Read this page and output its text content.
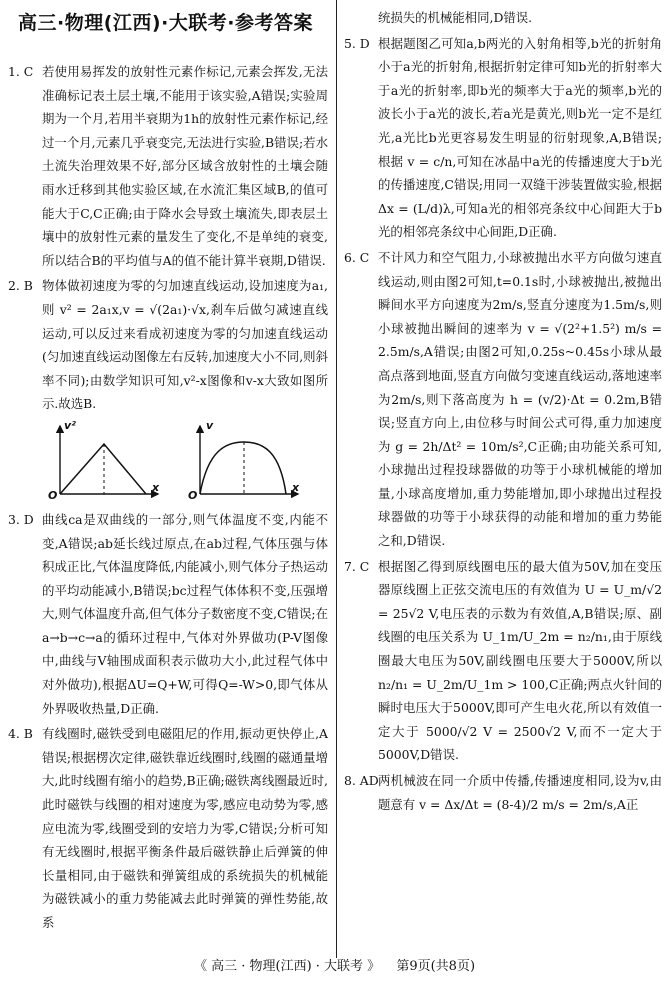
高三·物理(江西)·大联考·参考答案
1. C 若使用易挥发的放射性元素作标记,元素会挥发,无法准确标记表土层土壤,不能用于该实验,A错误;实验周期为一个月,若用半衰期为1h的放射性元素作标记,经过一个月,元素几乎衰变完,无法进行实验,B错误;若水土流失治理效果不好,部分区域含放射性的土壤会随雨水迁移到其他实验区域,在水流汇集区域B,的值可能大于C,C正确;由于降水会导致土壤流失,即表层土壤中的放射性元素的量发生了变化,不是单纯的衰变,所以结合B的平均值与A的值不能计算半衰期,D错误.
2. B 物体做初速度为零的匀加速直线运动,设加速度为a₁,则 v² = 2a₁x,v = √(2a₁)·√x,刹车后做匀减速直线运动,可以反过来看成初速度为零的匀加速直线运动(匀加速直线运动图像左右反转,加速度大小不同,则斜率不同);由数学知识可知,v²-x图像和v-x大致如图所示.故选B.
v²
x
O
v
x
O
3. D 曲线ca是双曲线的一部分,则气体温度不变,内能不变,A错误;ab延长线过原点,在ab过程,气体压强与体积成正比,气体温度降低,内能减小,则气体分子热运动的平均动能减小,B错误;bc过程气体体积不变,压强增大,则气体温度升高,但气体分子数密度不变,C错误;在a→b→c→a的循环过程中,气体对外界做功(P-V图像中,曲线与V轴围成面积表示做功大小,此过程气体中对外做功),根据ΔU=Q+W,可得Q=-W>0,即气体从外界吸收热量,D正确.
4. B 有线圈时,磁铁受到电磁阻尼的作用,振动更快停止,A错误;根据楞次定律,磁铁靠近线圈时,线圈的磁通量增大,此时线圈有缩小的趋势,B正确;磁铁离线圈最近时,此时磁铁与线圈的相对速度为零,感应电动势为零,感应电流为零,线圈受到的安培力为零,C错误;分析可知有无线圈时,根据平衡条件最后磁铁静止后弹簧的伸长量相同,由于磁铁和弹簧组成的系统损失的机械能为磁铁减小的重力势能减去此时弹簧的弹性势能,故系
统损失的机械能相同,D错误.
5. D 根据题图乙可知a,b两光的入射角相等,b光的折射角小于a光的折射角,根据折射定律可知b光的折射率大于a光的折射率,即b光的频率大于a光的频率,b光的波长小于a光的波长,若a光是黄光,则b光一定不是红光,a光比b光更容易发生明显的衍射现象,A,B错误;根据 v = c/n,可知在冰晶中a光的传播速度大于b光的传播速度,C错误;用同一双缝干涉装置做实验,根据 Δx = (L/d)λ,可知a光的相邻亮条纹中心间距大于b光的相邻亮条纹中心间距,D正确.
6. C 不计风力和空气阻力,小球被抛出水平方向做匀速直线运动,则由图2可知,t=0.1s时,小球被抛出,被抛出瞬间水平方向速度为2m/s,竖直分速度为1.5m/s,则小球被抛出瞬间的速率为 v = √(2²+1.5²) m/s = 2.5m/s,A错误;由图2可知,0.25s~0.45s小球从最高点落到地面,竖直方向做匀变速直线运动,落地速率为2m/s,则下落高度为 h = (v/2)·Δt = 0.2m,B错误;竖直方向上,由位移与时间公式可得,重力加速度为 g = 2h/Δt² = 10m/s²,C正确;由功能关系可知,小球抛出过程投球器做的功等于小球机械能的增加量,小球高度增加,重力势能增加,即小球抛出过程投球器做的功等于小球获得的动能和增加的重力势能之和,D错误.
7. C 根据图乙得到原线圈电压的最大值为50V,加在变压器原线圈上正弦交流电压的有效值为 U = U_m/√2 = 25√2 V,电压表的示数为有效值,A,B错误;原、副线圈的电压关系为 U_1m/U_2m = n₂/n₁,由于原线圈最大电压为50V,副线圈电压要大于5000V,所以 n₂/n₁ = U_2m/U_1m > 100,C正确;两点火针间的瞬时电压大于5000V,即可产生电火花,所以有效值一定大于 5000/√2 V = 2500√2 V,而不一定大于5000V,D错误.
8. AD 两机械波在同一介质中传播,传播速度相同,设为v,由题意有 v = Δx/Δt = (8-4)/2 m/s = 2m/s,A正
《 高三 · 物理(江西) · 大联考 》 第9页(共8页)
